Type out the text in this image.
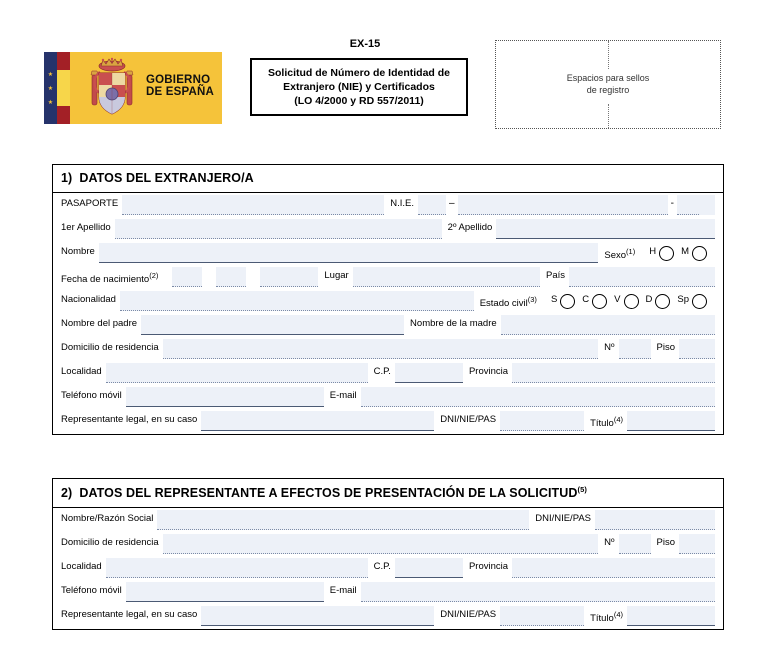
★
★
★
GOBIERNO
DE ESPAÑA
EX-15
Solicitud de Número de Identidad de
Extranjero (NIE) y Certificados
(LO 4/2000 y RD 557/2011)
Espacios para sellos
de registro
1) DATOS DEL EXTRANJERO/A
PASAPORTE	N.I.E.	–	-
1er Apellido	2º Apellido
Nombre	Sexo$^{(1)}$	H	M
Fecha de nacimiento$^{(2)}$	Lugar	País
Nacionalidad	Estado civil$^{(3)}$	S	C	V	D	Sp
Nombre del padre	Nombre de la madre
Domicilio de residencia	Nº	Piso
Localidad	C.P.	Provincia
Teléfono móvil	E-mail
Representante legal, en su caso	DNI/NIE/PAS	Título$^{(4)}$
2) DATOS DEL REPRESENTANTE A EFECTOS DE PRESENTACIÓN DE LA SOLICITUD$^{(5)}$
Nombre/Razón Social	DNI/NIE/PAS
Domicilio de residencia	Nº	Piso
Localidad	C.P.	Provincia
Teléfono móvil	E-mail
Representante legal, en su caso	DNI/NIE/PAS	Título$^{(4)}$
